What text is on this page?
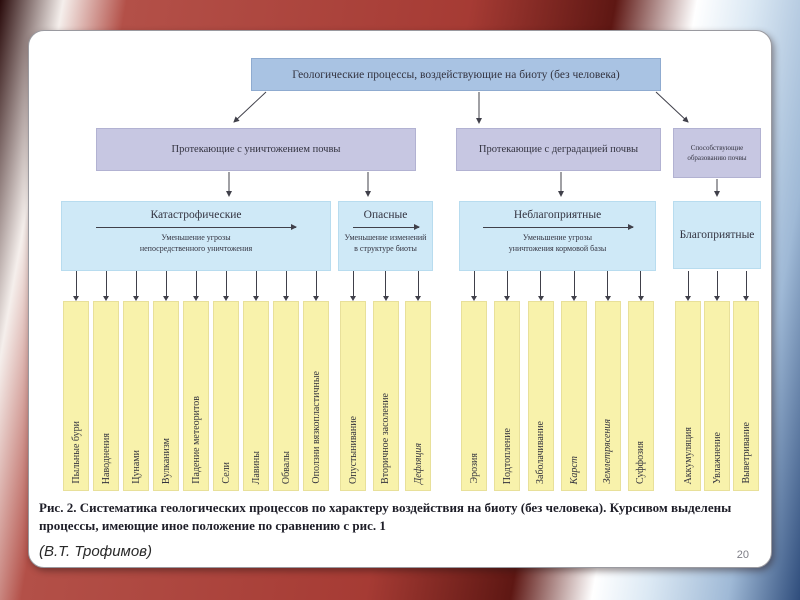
Геологические процессы, воздействующие на биоту (без человека)
Протекающие с уничтожением почвы	Протекающие с деградацией почвы	Способствующие образованию почвы
Катастрофические
Уменьшение угрозы
непосредственного уничтожения
Опасные
Уменьшение изменений
в структуре биоты
Неблагоприятные
Уменьшение угрозы
уничтожения кормовой базы
Благоприятные
Пыльные бури Наводнения Цунами Вулканизм Падение метеоритов Сели Лавины Обвалы Оползни вязкопластичные	Опустынивание Вторичное засоление Дефляция	Эрозия Подтопление Заболачивание Карст Землетрясения Суффозия	Аккумуляция Увлажнение Выветривание
Рис. 2. Систематика геологических процессов по характеру воздействия на биоту (без человека). Курсивом выделены процессы, имеющие иное положение по сравнению с рис. 1
(В.Т. Трофимов)	20
